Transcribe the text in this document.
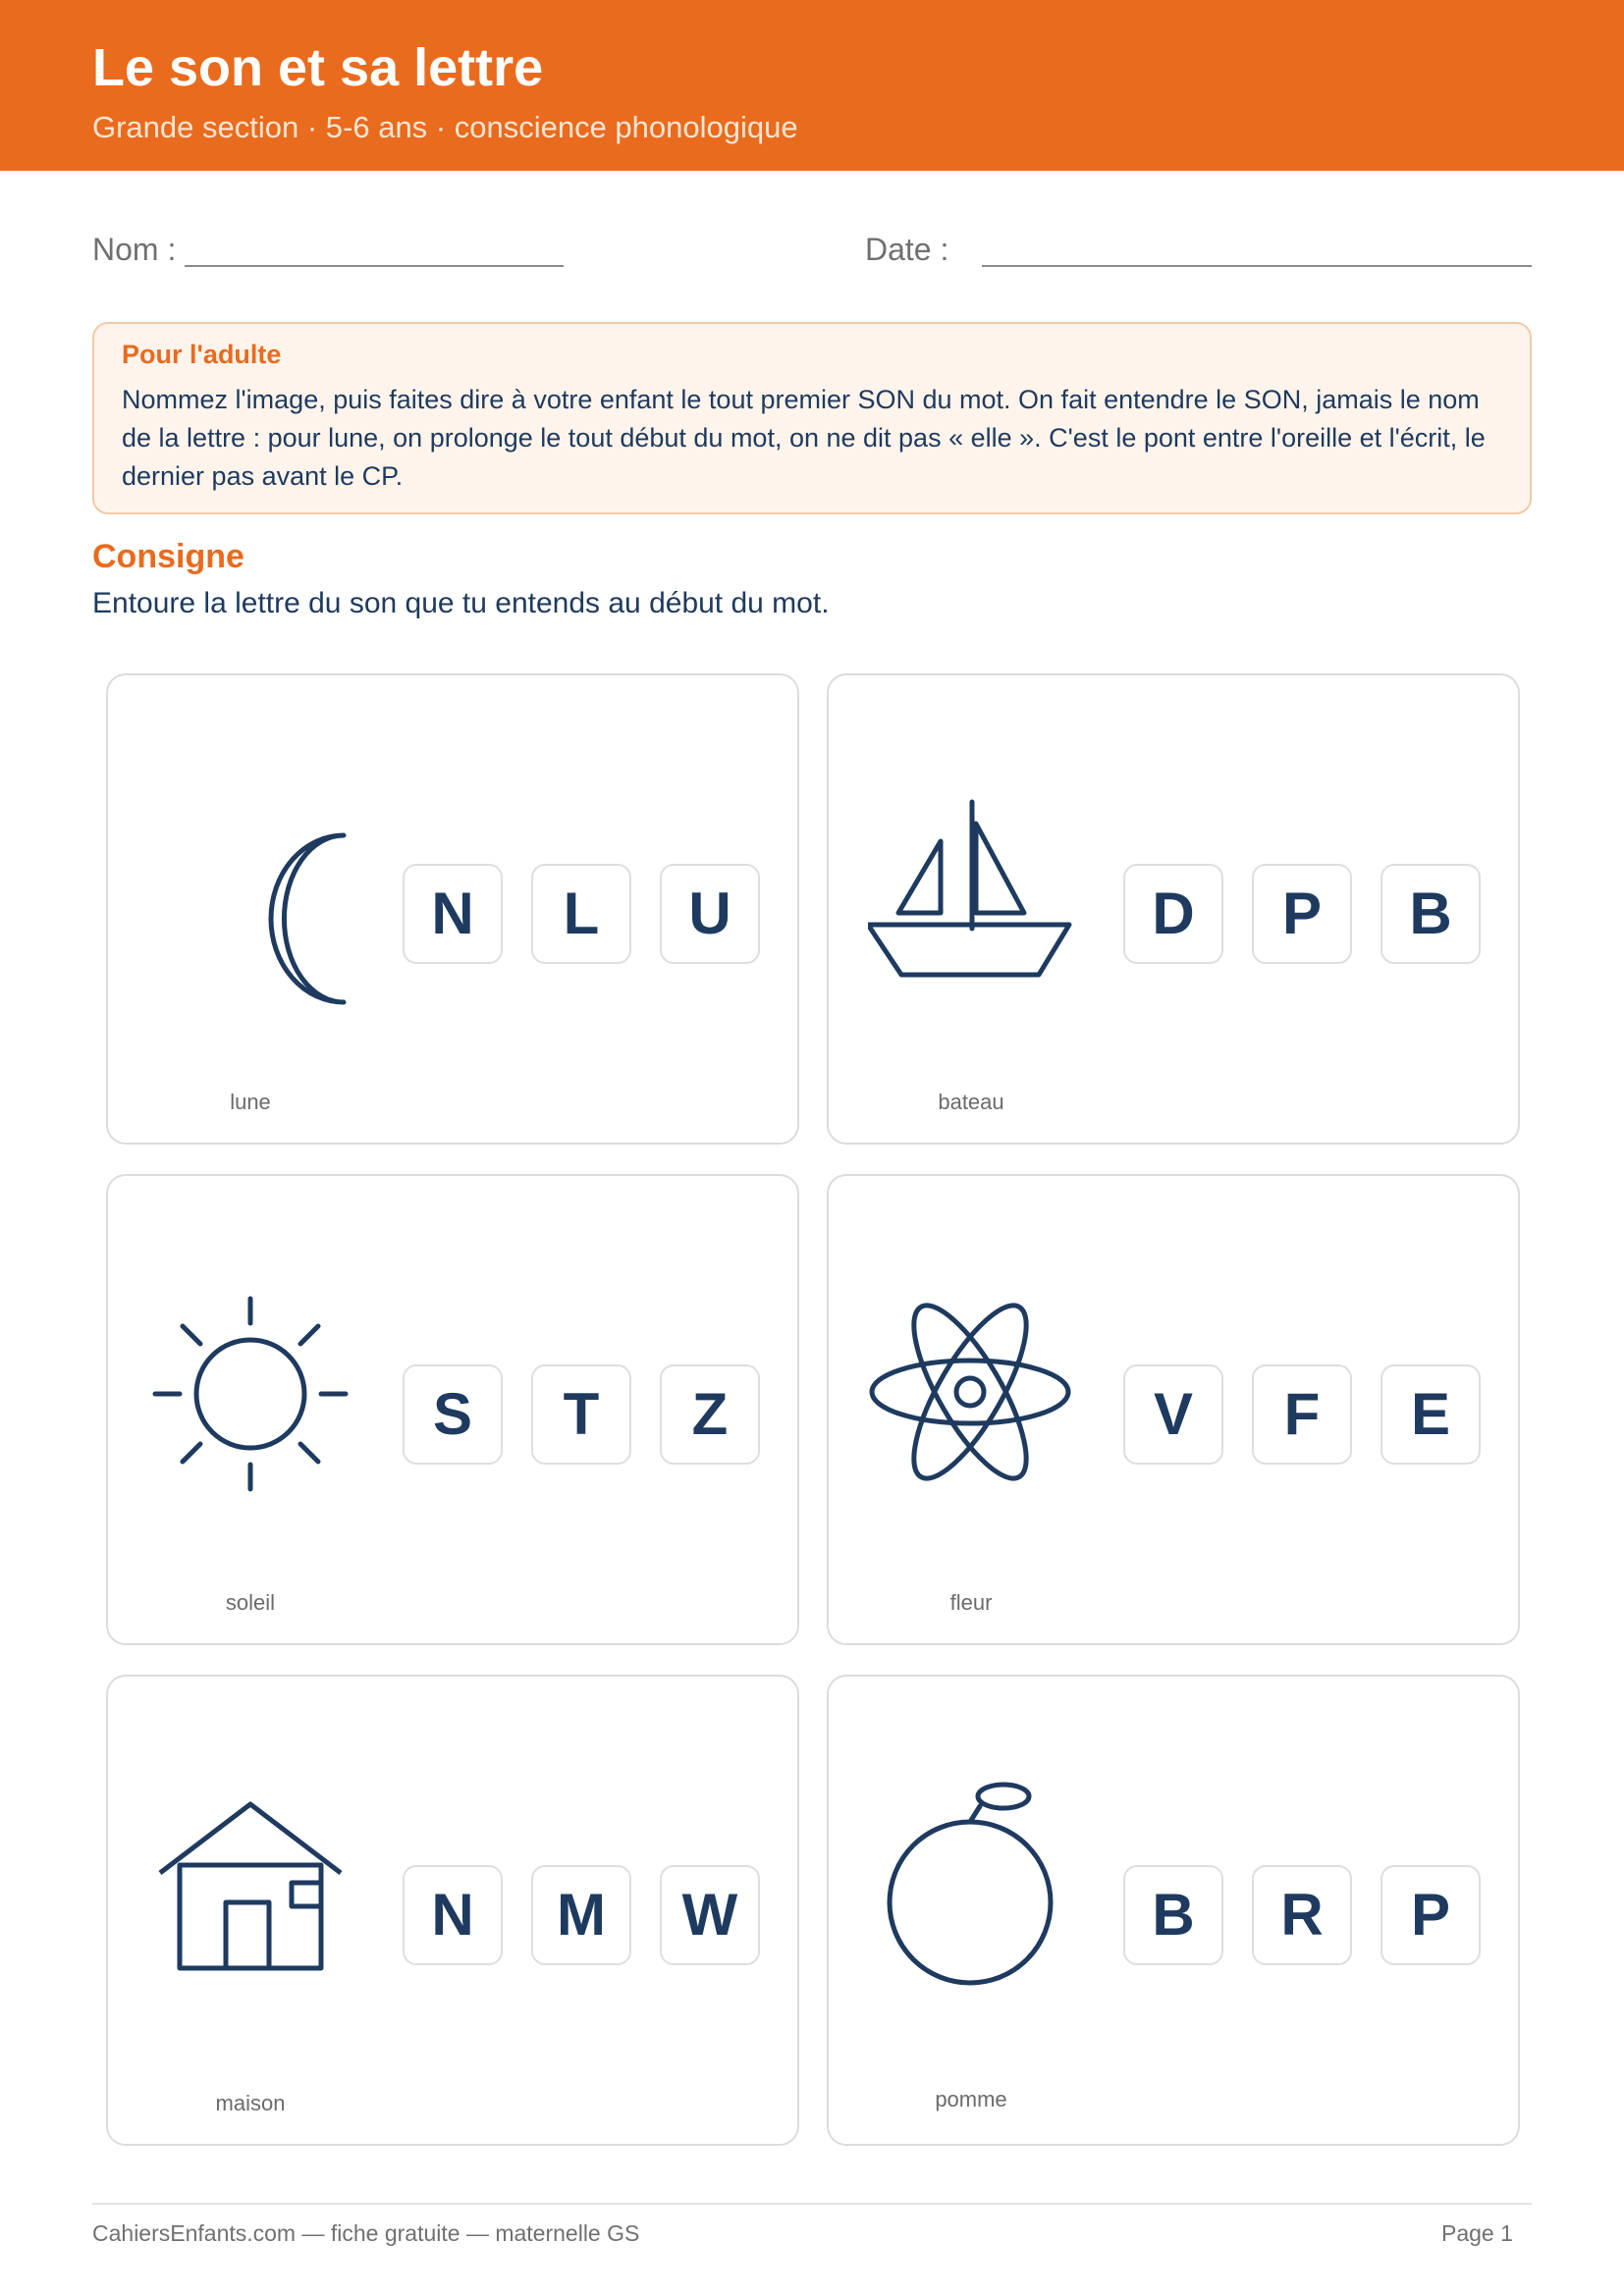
Le son et sa lettre
Grande section · 5-6 ans · conscience phonologique
Nom :	Date :
Pour l'adulte
Nommez l'image, puis faites dire à votre enfant le tout premier SON du mot. On fait entendre le SON, jamais le nom de la lettre : pour lune, on prolonge le tout début du mot, on ne dit pas « elle ». C'est le pont entre l'oreille et l'écrit, le dernier pas avant le CP.
Consigne
Entoure la lettre du son que tu entends au début du mot.
lune
N	L	U
bateau
D	P	B
soleil
S	T	Z
fleur
V	F	E
maison
N	M	W
pomme
B	R	P
CahiersEnfants.com — fiche gratuite — maternelle GS	Page 1
